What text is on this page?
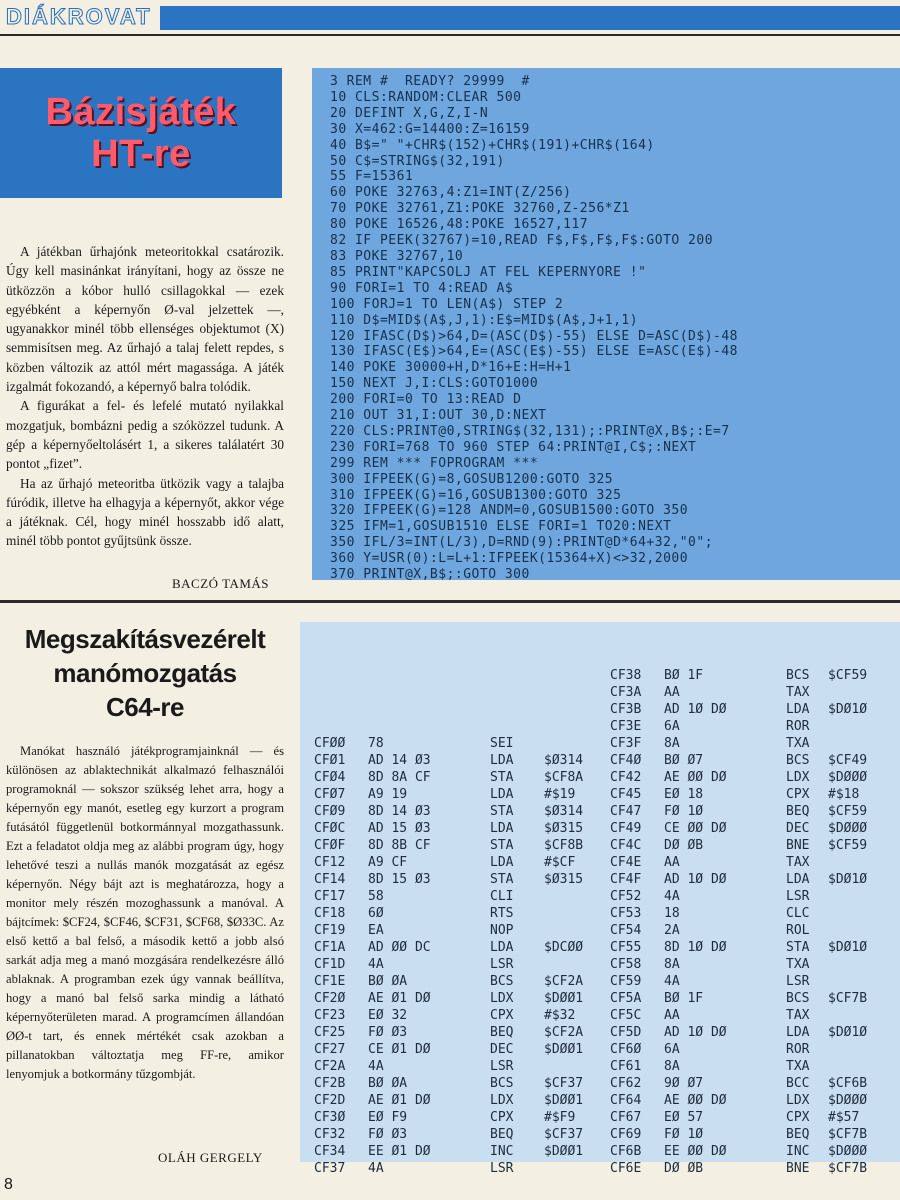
DIÁKROVAT
Bázisjáték
HT-re

A játékban űrhajónk meteoritokkal csatározik. Úgy kell masinánkat irányítani, hogy az össze ne ütközzön a kóbor hulló csillagokkal — ezek egyébként a képernyőn Ø-val jelzettek —, ugyanakkor minél több ellenséges objektumot (X) semmisítsen meg. Az űrhajó a talaj felett repdes, s közben változik az attól mért magassága. A játék izgalmát fokozandó, a képernyő balra tolódik.

A figurákat a fel- és lefelé mutató nyilakkal mozgatjuk, bombázni pedig a szóközzel tudunk. A gép a képernyőeltolásért 1, a sikeres találatért 30 pontot „fizet”.

Ha az űrhajó meteoritba ütközik vagy a talajba fúródik, illetve ha elhagyja a képernyőt, akkor vége a játéknak. Cél, hogy minél hosszabb idő alatt, minél több pontot gyűjtsünk össze.

BACZÓ TAMÁS
3 REM #  READY? 29999  #
10 CLS:RANDOM:CLEAR 500
20 DEFINT X,G,Z,I-N
30 X=462:G=14400:Z=16159
40 B$=" "+CHR$(152)+CHR$(191)+CHR$(164)
50 C$=STRING$(32,191)
55 F=15361
60 POKE 32763,4:Z1=INT(Z/256)
70 POKE 32761,Z1:POKE 32760,Z-256*Z1
80 POKE 16526,48:POKE 16527,117
82 IF PEEK(32767)=10,READ F$,F$,F$,F$:GOTO 200
83 POKE 32767,10
85 PRINT"KAPCSOLJ AT FEL KEPERNYORE !"
90 FORI=1 TO 4:READ A$
100 FORJ=1 TO LEN(A$) STEP 2
110 D$=MID$(A$,J,1):E$=MID$(A$,J+1,1)
120 IFASC(D$)>64,D=(ASC(D$)-55) ELSE D=ASC(D$)-48
130 IFASC(E$)>64,E=(ASC(E$)-55) ELSE E=ASC(E$)-48
140 POKE 30000+H,D*16+E:H=H+1
150 NEXT J,I:CLS:GOTO1000
200 FORI=0 TO 13:READ D
210 OUT 31,I:OUT 30,D:NEXT
220 CLS:PRINT@0,STRING$(32,131);:PRINT@X,B$;:E=7
230 FORI=768 TO 960 STEP 64:PRINT@I,C$;:NEXT
299 REM *** FOPROGRAM ***
300 IFPEEK(G)=8,GOSUB1200:GOTO 325
310 IFPEEK(G)=16,GOSUB1300:GOTO 325
320 IFPEEK(G)=128 ANDM=0,GOSUB1500:GOTO 350
325 IFM=1,GOSUB1510 ELSE FORI=1 TO20:NEXT
350 IFL/3=INT(L/3),D=RND(9):PRINT@D*64+32,"0";
360 Y=USR(0):L=L+1:IFPEEK(15364+X)<>32,2000
370 PRINT@X,B$;:GOTO 300
Megszakításvezérelt
manómozgatás
C64-re

Manókat használó játékprogramjainknál — és különösen az ablaktechnikát alkalmazó felhasználói programoknál — sokszor szükség lehet arra, hogy a képernyőn egy manót, esetleg egy kurzort a program futásától függetlenül botkormánnyal mozgathassunk. Ezt a feladatot oldja meg az alábbi program úgy, hogy lehetővé teszi a nullás manók mozgatását az egész képernyőn. Négy bájt azt is meghatározza, hogy a monitor mely részén mozoghassunk a manóval. A bájtcímek: $CF24, $CF46, $CF31, $CF68, $Ø33C. Az első kettő a bal felső, a második kettő a jobb alsó sarkát adja meg a manó mozgására rendelkezésre álló ablaknak. A programban ezek úgy vannak beállítva, hogy a manó bal felső sarka mindig a látható képernyőterületen marad. A programcímen állandóan ØØ-t tart, és ennek mértékét csak azokban a pillanatokban változtatja meg FF-re, amikor lenyomjuk a botkormány tűzgombját.

OLÁH GERGELY
CFØØ 78	SEI
CFØ1 AD 14 Ø3	LDA $Ø314
CFØ4 8D 8A CF	STA $CF8A
CFØ7 A9 19	LDA #$19
CFØ9 8D 14 Ø3	STA $Ø314
CFØC AD 15 Ø3	LDA $Ø315
CFØF 8D 8B CF	STA $CF8B
CF12 A9 CF	LDA #$CF
CF14 8D 15 Ø3	STA $Ø315
CF17 58	CLI
CF18 6Ø	RTS
CF19 EA	NOP
CF1A AD ØØ DC	LDA $DCØØ
CF1D 4A	LSR
CF1E BØ ØA	BCS $CF2A
CF2Ø AE Ø1 DØ	LDX $DØØ1
CF23 EØ 32	CPX #$32
CF25 FØ Ø3	BEQ $CF2A
CF27 CE Ø1 DØ	DEC $DØØ1
CF2A 4A	LSR
CF2B BØ ØA	BCS $CF37
CF2D AE Ø1 DØ	LDX $DØØ1
CF3Ø EØ F9	CPX #$F9
CF32 FØ Ø3	BEQ $CF37
CF34 EE Ø1 DØ	INC $DØØ1
CF37 4A	LSR
CF38 BØ 1F	BCS $CF59
CF3A AA	TAX
CF3B AD 1Ø DØ	LDA $DØ1Ø
CF3E 6A	ROR
CF3F 8A	TXA
CF4Ø BØ Ø7	BCS $CF49
CF42 AE ØØ DØ	LDX $DØØØ
CF45 EØ 18	CPX #$18
CF47 FØ 1Ø	BEQ $CF59
CF49 CE ØØ DØ	DEC $DØØØ
CF4C DØ ØB	BNE $CF59
CF4E AA	TAX
CF4F AD 1Ø DØ	LDA $DØ1Ø
CF52 4A	LSR
CF53 18	CLC
CF54 2A	ROL
CF55 8D 1Ø DØ	STA $DØ1Ø
CF58 8A	TXA
CF59 4A	LSR
CF5A BØ 1F	BCS $CF7B
CF5C AA	TAX
CF5D AD 1Ø DØ	LDA $DØ1Ø
CF6Ø 6A	ROR
CF61 8A	TXA
CF62 9Ø Ø7	BCC $CF6B
CF64 AE ØØ DØ	LDX $DØØØ
CF67 EØ 57	CPX #$57
CF69 FØ 1Ø	BEQ $CF7B
CF6B EE ØØ DØ	INC $DØØØ
CF6E DØ ØB	BNE $CF7B
8
